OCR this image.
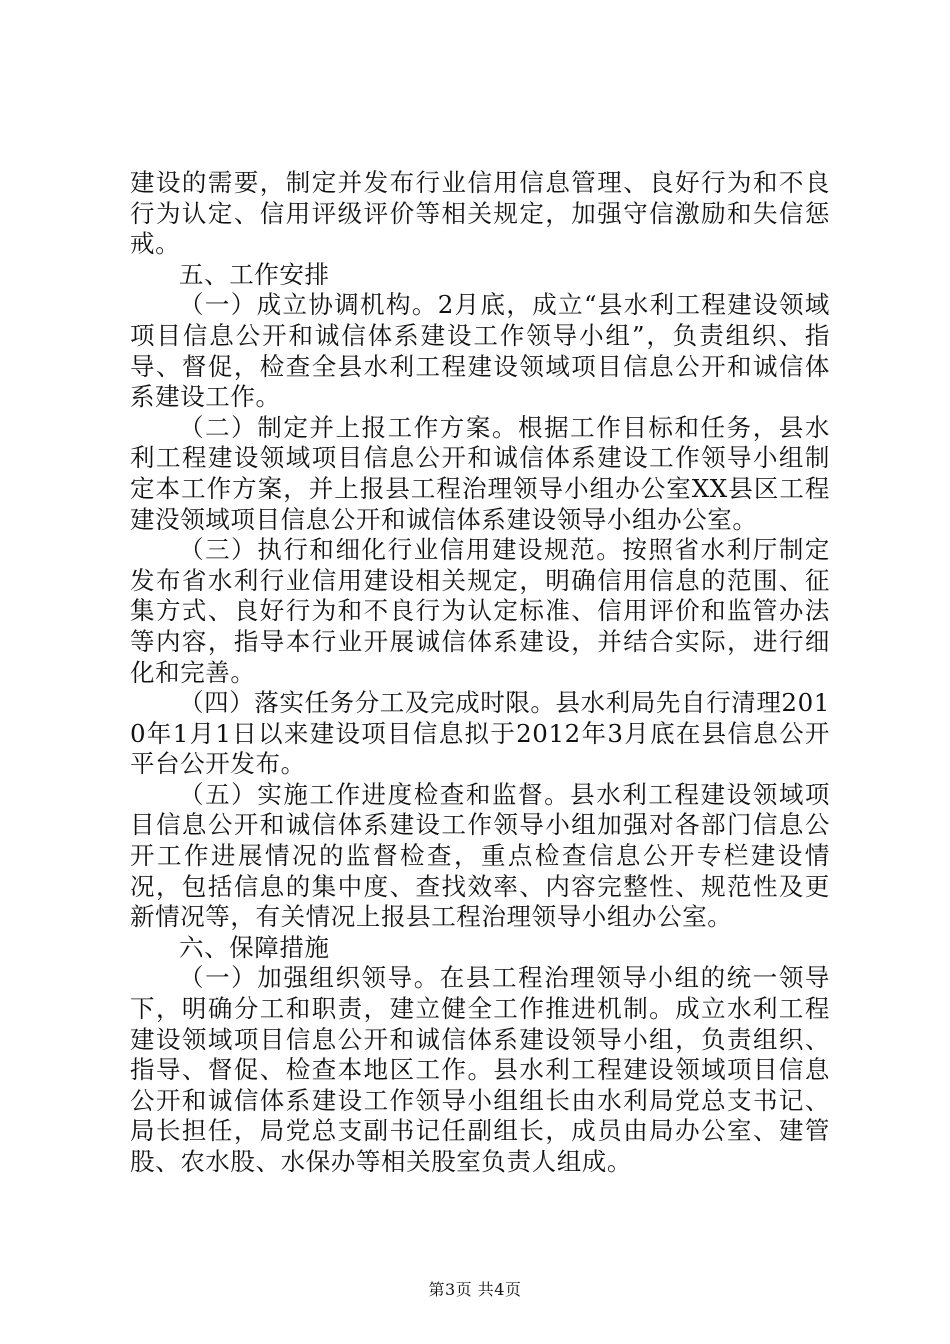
建设的需要，制定并发布行业信用信息管理、良好行为和不良行为认定、信用评级评价等相关规定，加强守信激励和失信惩戒。

五、工作安排

（一）成立协调机构。2月底，成立“县水利工程建设领域项目信息公开和诚信体系建设工作领导小组”，负责组织、指导、督促，检查全县水利工程建设领域项目信息公开和诚信体系建设工作。

（二）制定并上报工作方案。根据工作目标和任务，县水利工程建设领域项目信息公开和诚信体系建设工作领导小组制定本工作方案，并上报县工程治理领导小组办公室XX县区工程建没领域项目信息公开和诚信体系建设领导小组办公室。

（三）执行和细化行业信用建设规范。按照省水利厅制定发布省水利行业信用建设相关规定，明确信用信息的范围、征集方式、良好行为和不良行为认定标准、信用评价和监管办法等内容，指导本行业开展诚信体系建设，并结合实际，进行细化和完善。

（四）落实任务分工及完成时限。县水利局先自行清理2010年1月1日以来建设项目信息拟于2012年3月底在县信息公开平台公开发布。

（五）实施工作进度检查和监督。县水利工程建设领域项目信息公开和诚信体系建设工作领导小组加强对各部门信息公开工作进展情况的监督检查，重点检查信息公开专栏建设情况，包括信息的集中度、查找效率、内容完整性、规范性及更新情况等，有关情况上报县工程治理领导小组办公室。

六、保障措施

（一）加强组织领导。在县工程治理领导小组的统一领导下，明确分工和职责，建立健全工作推进机制。成立水利工程建设领域项目信息公开和诚信体系建设领导小组，负责组织、指导、督促、检查本地区工作。县水利工程建设领域项目信息公开和诚信体系建设工作领导小组组长由水利局党总支书记、局长担任，局党总支副书记任副组长，成员由局办公室、建管股、农水股、水保办等相关股室负责人组成。

第3页 共4页
